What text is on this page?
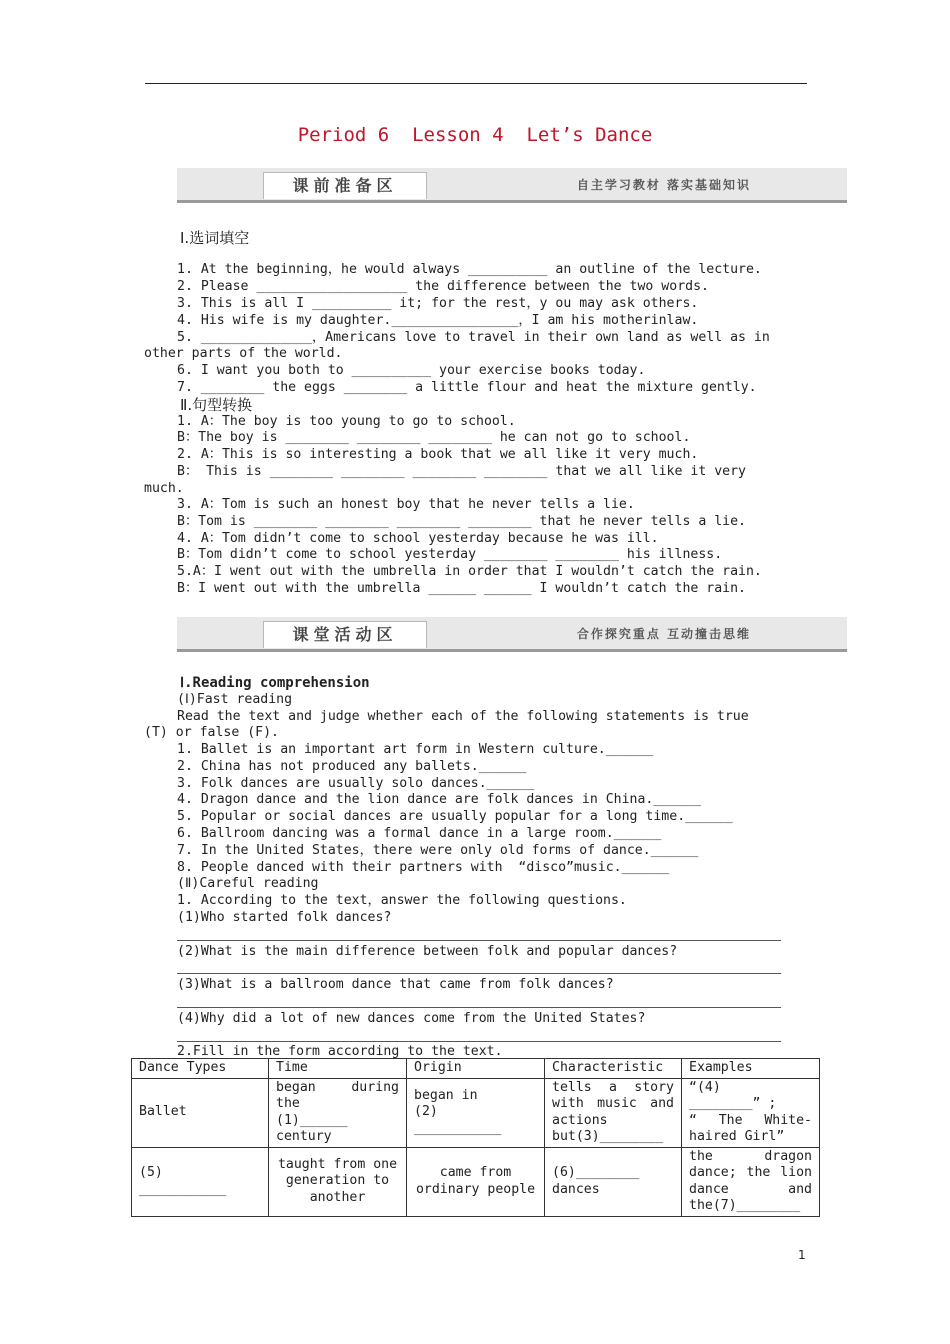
Period 6  Lesson 4  Let’s Dance
课前准备区	自主学习教材 落实基础知识
Ⅰ.选词填空
1. At the beginning，he would always __________ an outline of the lecture.
2. Please ___________________ the difference between the two words.
3. This is all I __________ it; for the rest，y ou may ask others.
4. His wife is my daughter.________________，I am his motherinlaw.
5. ______________，Americans love to travel in their own land as well as in
other parts of the world.
6. I want you both to __________ your exercise books today.
7. ________ the eggs ________ a little flour and heat the mixture gently.
Ⅱ.句型转换
1. A：The boy is too young to go to school.
B：The boy is ________ ________ ________ he can not go to school.
2. A：This is so interesting a book that we all like it very much.
B： This is ________ ________ ________ ________ that we all like it very
much.
3. A：Tom is such an honest boy that he never tells a lie.
B：Tom is ________ ________ ________ ________ that he never tells a lie.
4. A：Tom didn’t come to school yesterday because he was ill.
B：Tom didn’t come to school yesterday ________ ________ his illness.
5.A：I went out with the umbrella in order that I wouldn’t catch the rain.
B：I went out with the umbrella ______ ______ I wouldn’t catch the rain.
课堂活动区	合作探究重点 互动撞击思维
Ⅰ.Reading comprehension
(Ⅰ)Fast reading
Read the text and judge whether each of the following statements is true
(T) or false (F).
1. Ballet is an important art form in Western culture.______
2. China has not produced any ballets.______
3. Folk dances are usually solo dances.______
4. Dragon dance and the lion dance are folk dances in China.______
5. Popular or social dances are usually popular for a long time.______
6. Ballroom dancing was a formal dance in a large room.______
7. In the United States，there were only old forms of dance.______
8. People danced with their partners with  “disco”music.______
(Ⅱ)Careful reading
1. According to the text，answer the following questions.
(1)Who started folk dances?
(2)What is the main difference between folk and popular dances?
(3)What is a ballroom dance that came from folk dances?
(4)Why did a lot of new dances come from the United States?
2.Fill in the form according to the text.
Dance Types	Time	Origin	Characteristic	Examples
Ballet	began during the
(1)______
century	began in
(2)
___________	tells a story with music and actions but(3)________	“(4)
________” ;
“ The White-haired Girl”
(5)
___________	taught from one generation to another	came from ordinary people	(6)________
dances	the dragon dance; the lion dance and the(7)________
1
